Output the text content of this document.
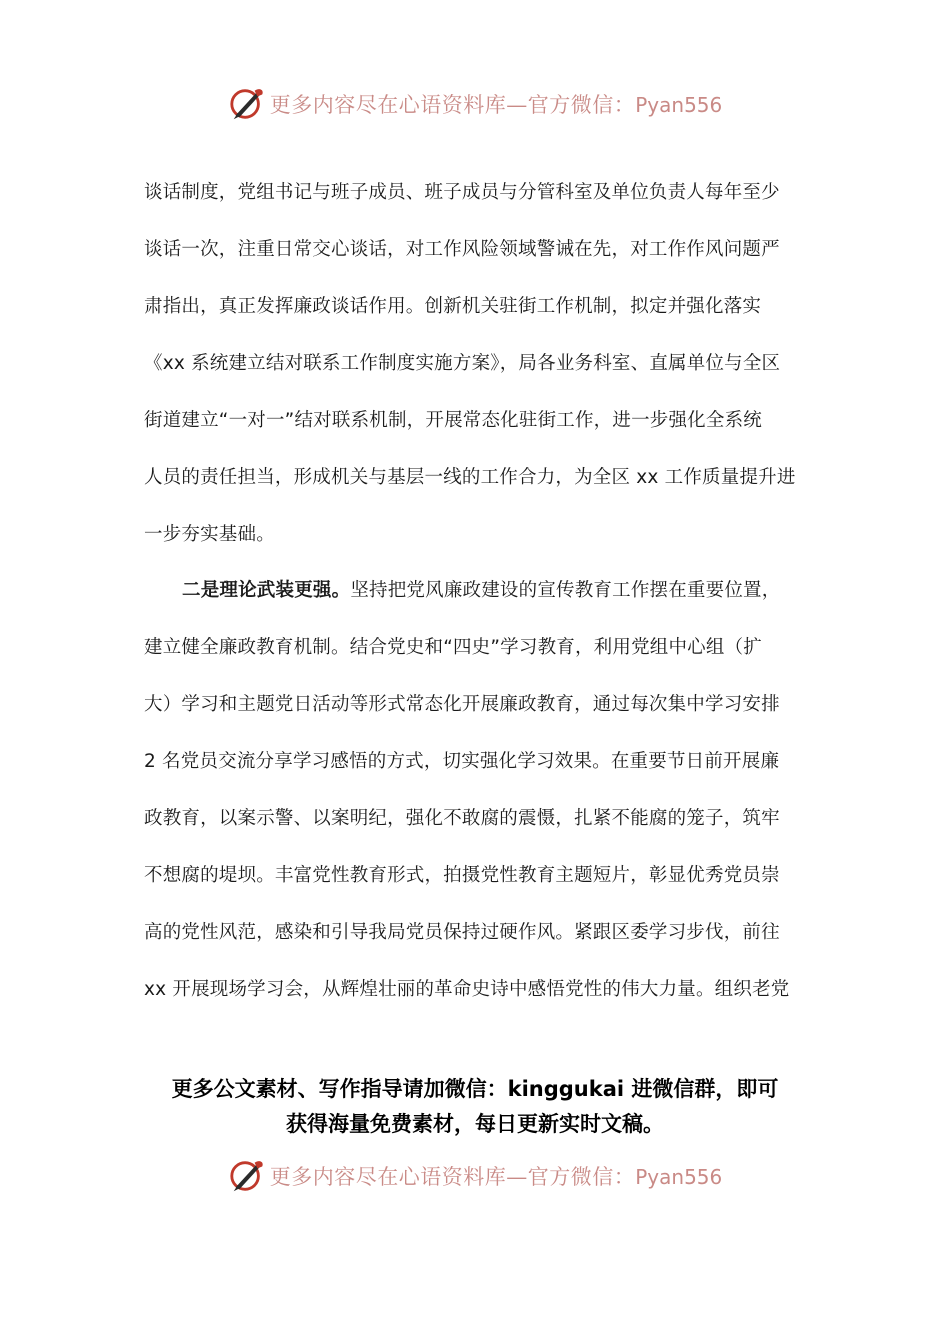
更多内容尽在心语资料库—官方微信：Pyan556
谈话制度，党组书记与班子成员、班子成员与分管科室及单位负责人每年至少
谈话一次，注重日常交心谈话，对工作风险领域警诫在先，对工作作风问题严
肃指出，真正发挥廉政谈话作用。创新机关驻街工作机制，拟定并强化落实
《xx 系统建立结对联系工作制度实施方案》，局各业务科室、直属单位与全区
街道建立“一对一”结对联系机制，开展常态化驻街工作，进一步强化全系统
人员的责任担当，形成机关与基层一线的工作合力，为全区 xx 工作质量提升进
一步夯实基础。
二是理论武装更强。坚持把党风廉政建设的宣传教育工作摆在重要位置，
建立健全廉政教育机制。结合党史和“四史”学习教育，利用党组中心组（扩
大）学习和主题党日活动等形式常态化开展廉政教育，通过每次集中学习安排
2 名党员交流分享学习感悟的方式，切实强化学习效果。在重要节日前开展廉
政教育，以案示警、以案明纪，强化不敢腐的震慑，扎紧不能腐的笼子，筑牢
不想腐的堤坝。丰富党性教育形式，拍摄党性教育主题短片，彰显优秀党员崇
高的党性风范，感染和引导我局党员保持过硬作风。紧跟区委学习步伐，前往
xx 开展现场学习会，从辉煌壮丽的革命史诗中感悟党性的伟大力量。组织老党
更多公文素材、写作指导请加微信：kinggukai 进微信群，即可
获得海量免费素材，每日更新实时文稿。
更多内容尽在心语资料库—官方微信：Pyan556
